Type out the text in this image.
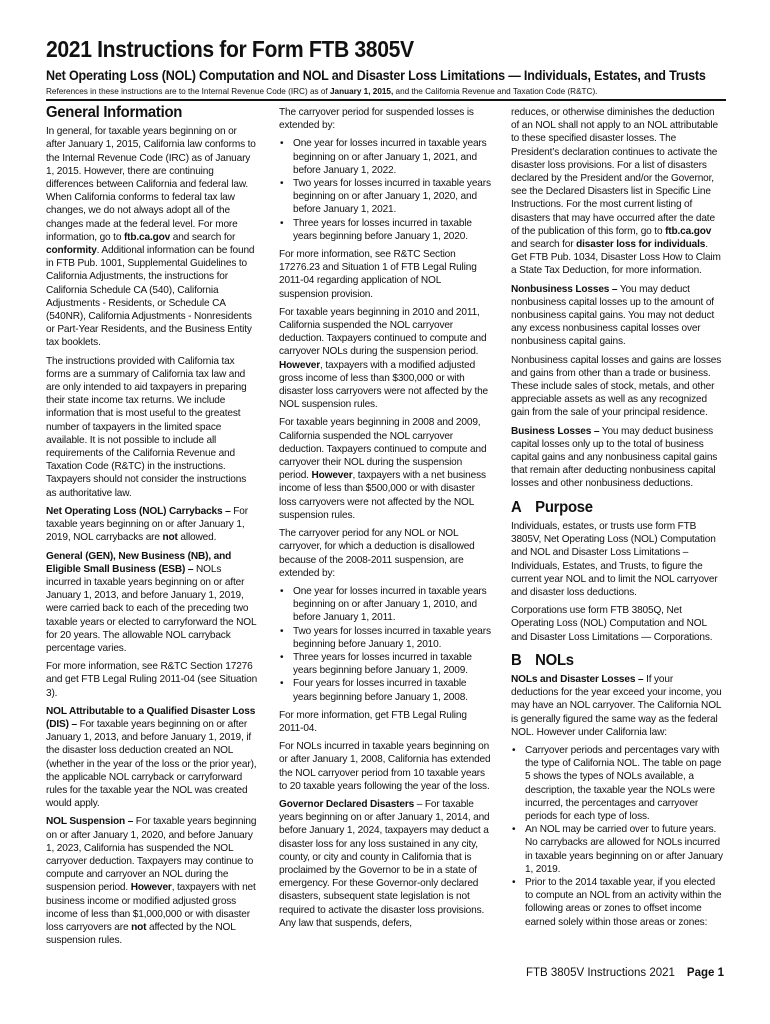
2021 Instructions for Form FTB 3805V

Net Operating Loss (NOL) Computation and NOL and Disaster Loss Limitations — Individuals, Estates, and Trusts

References in these instructions are to the Internal Revenue Code (IRC) as of January 1, 2015, and the California Revenue and Taxation Code (R&TC).
General Information

In general, for taxable years beginning on or after January 1, 2015, California law conforms to the Internal Revenue Code (IRC) as of January 1, 2015. However, there are continuing differences between California and federal law. When California conforms to federal tax law changes, we do not always adopt all of the changes made at the federal level. For more information, go to ftb.ca.gov and search for conformity. Additional information can be found in FTB Pub. 1001, Supplemental Guidelines to California Adjustments, the instructions for California Schedule CA (540), California Adjustments - Residents, or Schedule CA (540NR), California Adjustments - Nonresidents or Part-Year Residents, and the Business Entity tax booklets.

The instructions provided with California tax forms are a summary of California tax law and are only intended to aid taxpayers in preparing their state income tax returns. We include information that is most useful to the greatest number of taxpayers in the limited space available. It is not possible to include all requirements of the California Revenue and Taxation Code (R&TC) in the instructions. Taxpayers should not consider the instructions as authoritative law.

Net Operating Loss (NOL) Carrybacks – For taxable years beginning on or after January 1, 2019, NOL carrybacks are not allowed.

General (GEN), New Business (NB), and Eligible Small Business (ESB) – NOLs incurred in taxable years beginning on or after January 1, 2013, and before January 1, 2019, were carried back to each of the preceding two taxable years or elected to carryforward the NOL for 20 years. The allowable NOL carryback percentage varies.

For more information, see R&TC Section 17276 and get FTB Legal Ruling 2011-04 (see Situation 3).

NOL Attributable to a Qualified Disaster Loss (DIS) – For taxable years beginning on or after January 1, 2013, and before January 1, 2019, if the disaster loss deduction created an NOL (whether in the year of the loss or the prior year), the applicable NOL carryback or carryforward rules for the taxable year the NOL was created would apply.

NOL Suspension – For taxable years beginning on or after January 1, 2020, and before January 1, 2023, California has suspended the NOL carryover deduction. Taxpayers may continue to compute and carryover an NOL during the suspension period. However, taxpayers with net business income or modified adjusted gross income of less than $1,000,000 or with disaster loss carryovers are not affected by the NOL suspension rules.

The carryover period for suspended losses is extended by:

• One year for losses incurred in taxable years beginning on or after January 1, 2021, and before January 1, 2022.
• Two years for losses incurred in taxable years beginning on or after January 1, 2020, and before January 1, 2021.
• Three years for losses incurred in taxable years beginning before January 1, 2020.

For more information, see R&TC Section 17276.23 and Situation 1 of FTB Legal Ruling 2011-04 regarding application of NOL suspension provision.

For taxable years beginning in 2010 and 2011, California suspended the NOL carryover deduction. Taxpayers continued to compute and carryover NOLs during the suspension period. However, taxpayers with a modified adjusted gross income of less than $300,000 or with disaster loss carryovers were not affected by the NOL suspension rules.

For taxable years beginning in 2008 and 2009, California suspended the NOL carryover deduction. Taxpayers continued to compute and carryover their NOL during the suspension period. However, taxpayers with a net business income of less than $500,000 or with disaster loss carryovers were not affected by the NOL suspension rules.

The carryover period for any NOL or NOL carryover, for which a deduction is disallowed because of the 2008-2011 suspension, are extended by:

• One year for losses incurred in taxable years beginning on or after January 1, 2010, and before January 1, 2011.
• Two years for losses incurred in taxable years beginning before January 1, 2010.
• Three years for losses incurred in taxable years beginning before January 1, 2009.
• Four years for losses incurred in taxable years beginning before January 1, 2008.

For more information, get FTB Legal Ruling 2011-04.

For NOLs incurred in taxable years beginning on or after January 1, 2008, California has extended the NOL carryover period from 10 taxable years to 20 taxable years following the year of the loss.

Governor Declared Disasters – For taxable years beginning on or after January 1, 2014, and before January 1, 2024, taxpayers may deduct a disaster loss for any loss sustained in any city, county, or city and county in California that is proclaimed by the Governor to be in a state of emergency. For these Governor-only declared disasters, subsequent state legislation is not required to activate the disaster loss provisions. Any law that suspends, defers,

reduces, or otherwise diminishes the deduction of an NOL shall not apply to an NOL attributable to these specified disaster losses. The President’s declaration continues to activate the disaster loss provisions. For a list of disasters declared by the President and/or the Governor, see the Declared Disasters list in Specific Line Instructions. For the most current listing of disasters that may have occurred after the date of the publication of this form, go to ftb.ca.gov and search for disaster loss for individuals. Get FTB Pub. 1034, Disaster Loss How to Claim a State Tax Deduction, for more information.

Nonbusiness Losses – You may deduct nonbusiness capital losses up to the amount of nonbusiness capital gains. You may not deduct any excess nonbusiness capital losses over nonbusiness capital gains.

Nonbusiness capital losses and gains are losses and gains from other than a trade or business. These include sales of stock, metals, and other appreciable assets as well as any recognized gain from the sale of your principal residence.

Business Losses – You may deduct business capital losses only up to the total of business capital gains and any nonbusiness capital gains that remain after deducting nonbusiness capital losses and other nonbusiness deductions.

A Purpose

Individuals, estates, or trusts use form FTB 3805V, Net Operating Loss (NOL) Computation and NOL and Disaster Loss Limitations – Individuals, Estates, and Trusts, to figure the current year NOL and to limit the NOL carryover and disaster loss deductions.

Corporations use form FTB 3805Q, Net Operating Loss (NOL) Computation and NOL and Disaster Loss Limitations — Corporations.

B NOLs

NOLs and Disaster Losses – If your deductions for the year exceed your income, you may have an NOL carryover. The California NOL is generally figured the same way as the federal NOL. However under California law:

• Carryover periods and percentages vary with the type of California NOL. The table on page 5 shows the types of NOLs available, a description, the taxable year the NOLs were incurred, the percentages and carryover periods for each type of loss.
• An NOL may be carried over to future years. No carrybacks are allowed for NOLs incurred in taxable years beginning on or after January 1, 2019.
• Prior to the 2014 taxable year, if you elected to compute an NOL from an activity within the following areas or zones to offset income earned solely within those areas or zones:
FTB 3805V Instructions 2021 Page 1
